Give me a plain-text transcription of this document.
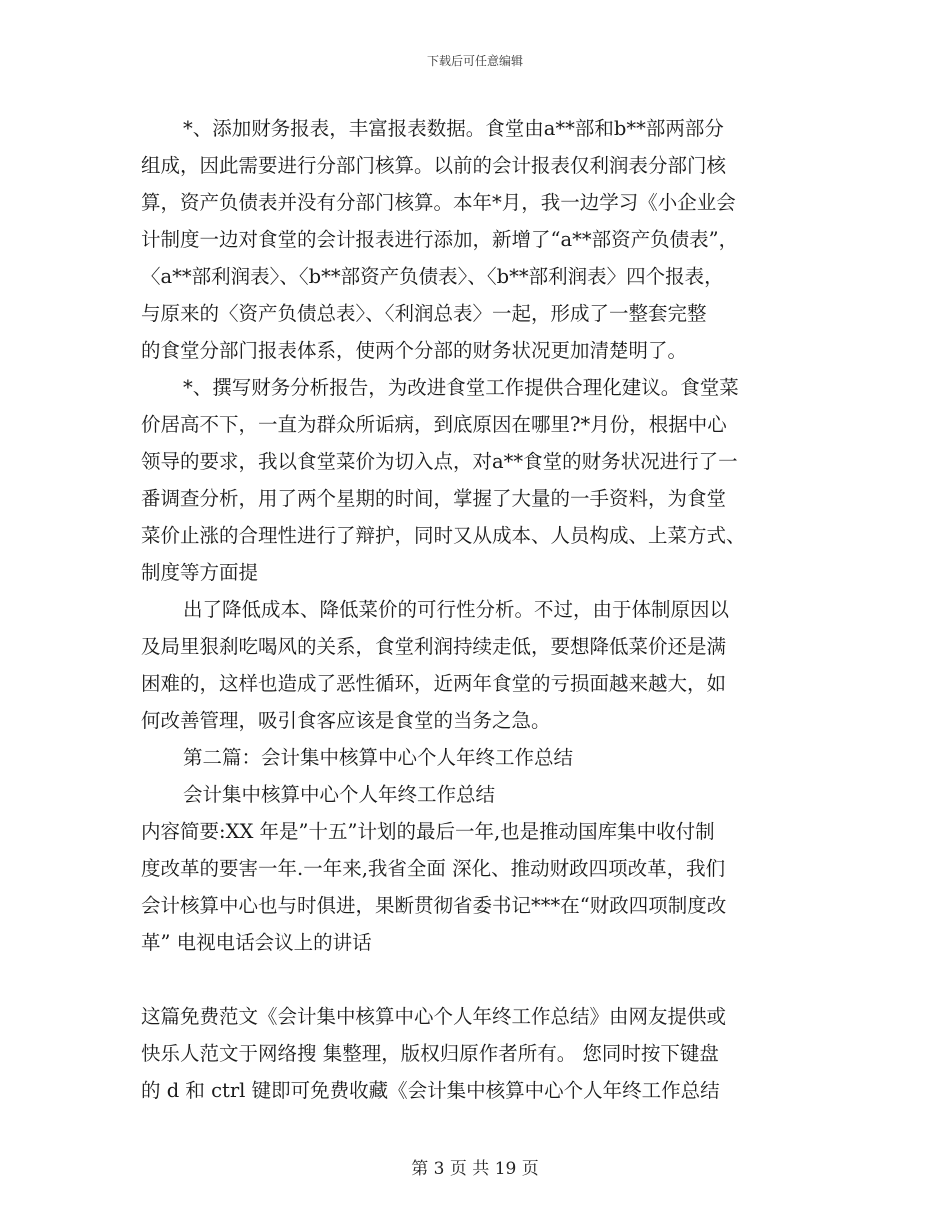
下载后可任意编辑
*、添加财务报表，丰富报表数据。食堂由a**部和b**部两部分
组成，因此需要进行分部门核算。以前的会计报表仅利润表分部门核
算，资产负债表并没有分部门核算。本年*月，我一边学习《小企业会
计制度一边对食堂的会计报表进行添加，新增了“a**部资产负债表”，
〈a**部利润表〉、〈b**部资产负债表〉、〈b**部利润表〉四个报表，
与原来的〈资产负债总表〉、〈利润总表〉一起，形成了一整套完整
的食堂分部门报表体系，使两个分部的财务状况更加清楚明了。
*、撰写财务分析报告，为改进食堂工作提供合理化建议。食堂菜
价居高不下，一直为群众所诟病，到底原因在哪里?*月份，根据中心
领导的要求，我以食堂菜价为切入点，对a**食堂的财务状况进行了一
番调查分析，用了两个星期的时间，掌握了大量的一手资料，为食堂
菜价止涨的合理性进行了辩护，同时又从成本、人员构成、上菜方式、
制度等方面提
出了降低成本、降低菜价的可行性分析。不过，由于体制原因以
及局里狠刹吃喝风的关系，食堂利润持续走低，要想降低菜价还是满
困难的，这样也造成了恶性循环，近两年食堂的亏损面越来越大，如
何改善管理，吸引食客应该是食堂的当务之急。
第二篇：会计集中核算中心个人年终工作总结
会计集中核算中心个人年终工作总结
内容简要:XX 年是”十五”计划的最后一年,也是推动国库集中收付制
度改革的要害一年.一年来,我省全面 深化、推动财政四项改革，我们
会计核算中心也与时俱进，果断贯彻省委书记***在“财政四项制度改
革” 电视电话会议上的讲话
这篇免费范文《会计集中核算中心个人年终工作总结》由网友提供或
快乐人范文于网络搜 集整理，版权归原作者所有。 您同时按下键盘
的 d 和 ctrl 键即可免费收藏《会计集中核算中心个人年终工作总结
第 3 页 共 19 页
